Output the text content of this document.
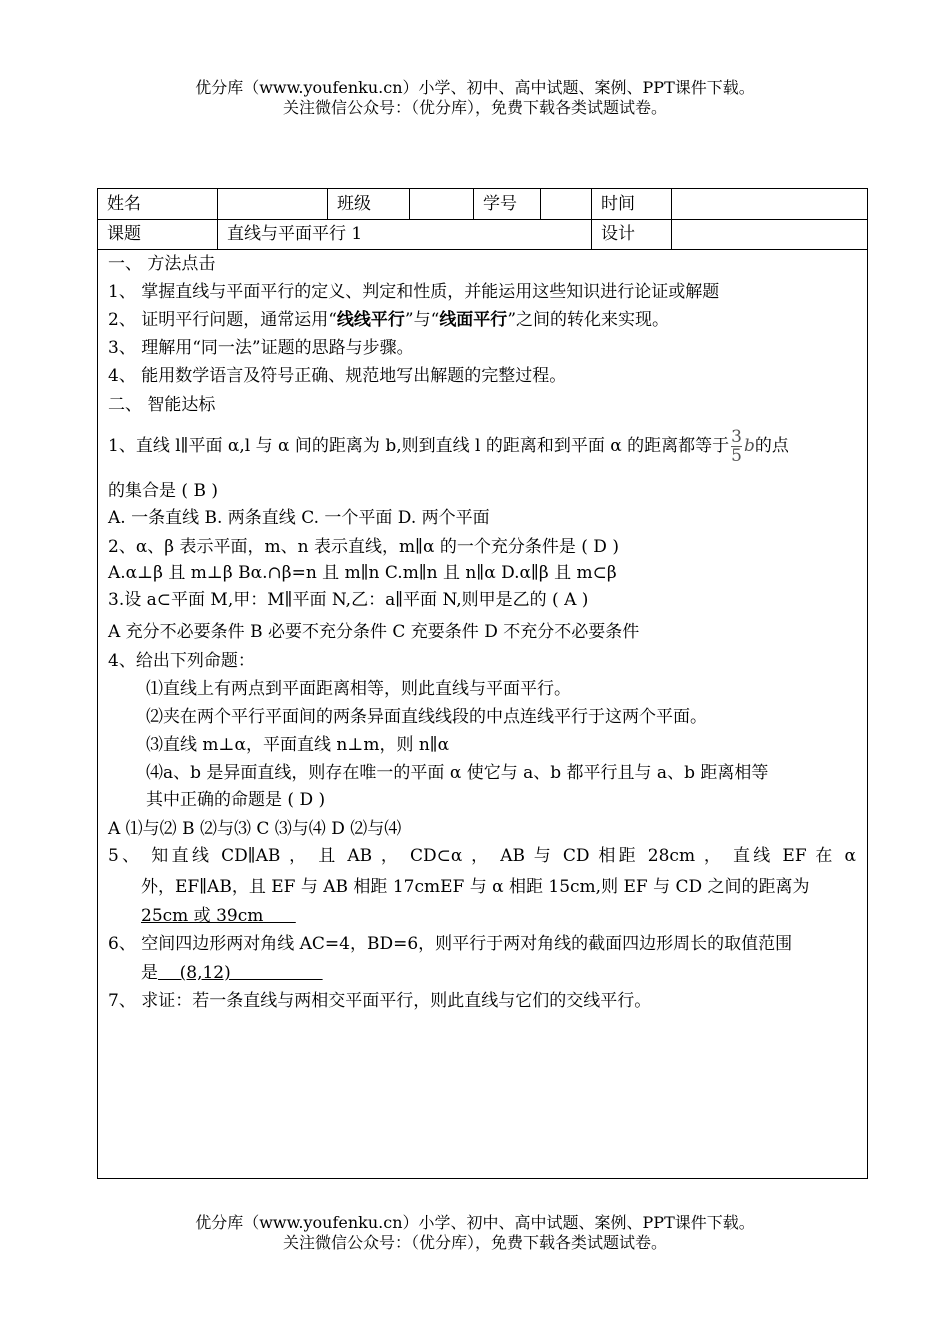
优分库（www.youfenku.cn）小学、初中、高中试题、案例、PPT课件下载。
关注微信公众号：（优分库），免费下载各类试题试卷。
姓名	班级	学号	时间
课题	直线与平面平行 1	设计
一、 方法点击
1、 掌握直线与平面平行的定义、判定和性质，并能运用这些知识进行论证或解题
2、 证明平行问题，通常运用“线线平行”与“线面平行”之间的转化来实现。
3、 理解用“同一法”证题的思路与步骤。
4、 能用数学语言及符号正确、规范地写出解题的完整过程。
二、 智能达标
1、直线 l∥平面 α,l 与 α 间的距离为 b,则到直线 l 的距离和到平面 α 的距离都等于 $\frac{3}{5}$ b的点
的集合是 ( B )
A. 一条直线 B. 两条直线 C. 一个平面 D. 两个平面
2、α、β 表示平面，m、n 表示直线，m∥α 的一个充分条件是 ( D )
A.α⊥β 且 m⊥β Bα.∩β=n 且 m∥n C.m∥n 且 n∥α D.α∥β 且 m⊂β
3.设 a⊂平面 M,甲：M∥平面 N,乙：a∥平面 N,则甲是乙的 ( A )
A 充分不必要条件 B 必要不充分条件 C 充要条件 D 不充分不必要条件
4、给出下列命题：
⑴直线上有两点到平面距离相等，则此直线与平面平行。
⑵夹在两个平行平面间的两条异面直线线段的中点连线平行于这两个平面。
⑶直线 m⊥α，平面直线 n⊥m，则 n∥α
⑷a、b 是异面直线，则存在唯一的平面 α 使它与 a、b 都平行且与 a、b 距离相等
其中正确的命题是 ( D )
A ⑴与⑵ B ⑵与⑶ C ⑶与⑷ D ⑵与⑷
5、 知直线 CD∥AB ， 且 AB ， CD⊂α ， AB 与 CD 相距 28cm ， 直线 EF 在 α
外，EF∥AB，且 EF 与 AB 相距 17cmEF 与 α 相距 15cm,则 EF 与 CD 之间的距离为
25cm 或 39cm
6、 空间四边形两对角线 AC=4，BD=6，则平行于两对角线的截面四边形周长的取值范围
是    (8,12)
7、 求证：若一条直线与两相交平面平行，则此直线与它们的交线平行。
优分库（www.youfenku.cn）小学、初中、高中试题、案例、PPT课件下载。
关注微信公众号：（优分库），免费下载各类试题试卷。
